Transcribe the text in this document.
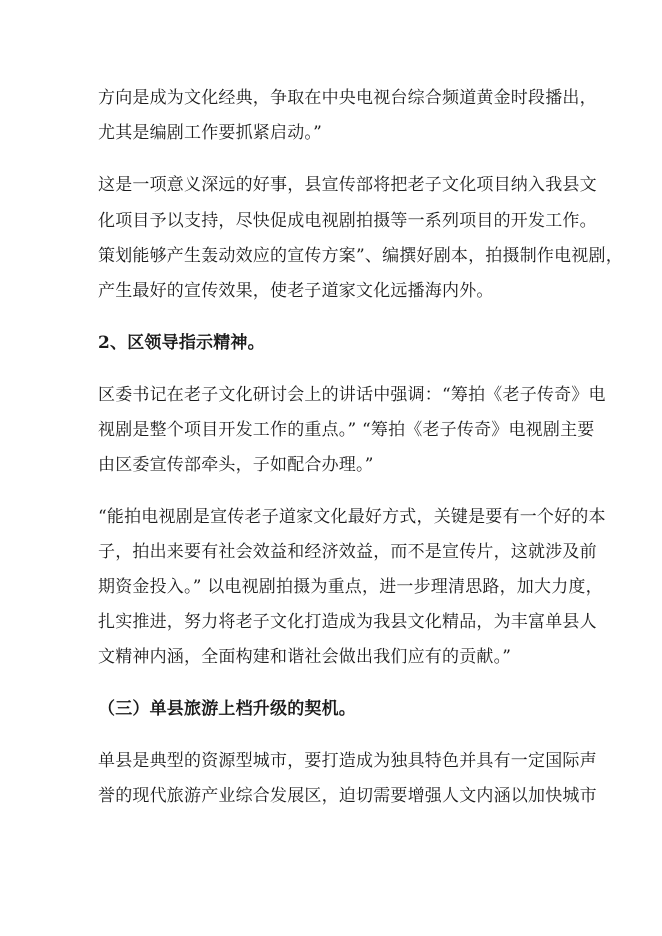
方向是成为文化经典，争取在中央电视台综合频道黄金时段播出，
尤其是编剧工作要抓紧启动。”
这是一项意义深远的好事，县宣传部将把老子文化项目纳入我县文
化项目予以支持，尽快促成电视剧拍摄等一系列项目的开发工作。
策划能够产生轰动效应的宣传方案”、编撰好剧本，拍摄制作电视剧，
产生最好的宣传效果，使老子道家文化远播海内外。
2、区领导指示精神。
区委书记在老子文化研讨会上的讲话中强调：“筹拍《老子传奇》电
视剧是整个项目开发工作的重点。” “筹拍《老子传奇》电视剧主要
由区委宣传部牵头，子如配合办理。”
“能拍电视剧是宣传老子道家文化最好方式，关键是要有一个好的本
子，拍出来要有社会效益和经济效益，而不是宣传片，这就涉及前
期资金投入。” 以电视剧拍摄为重点，进一步理清思路，加大力度，
扎实推进，努力将老子文化打造成为我县文化精品，为丰富单县人
文精神内涵，全面构建和谐社会做出我们应有的贡献。”
（三）单县旅游上档升级的契机。
单县是典型的资源型城市，要打造成为独具特色并具有一定国际声
誉的现代旅游产业综合发展区，迫切需要增强人文内涵以加快城市
